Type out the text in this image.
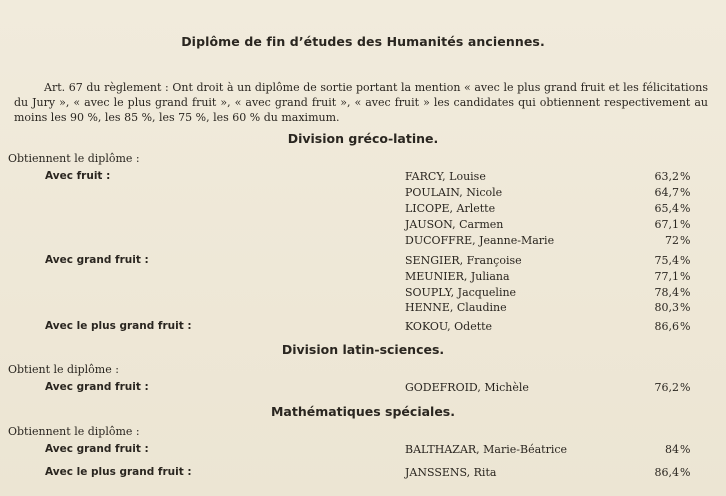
Diplôme de fin d’études des Humanités anciennes.
Art. 67 du règlement : Ont droit à un diplôme de sortie portant la mention « avec le plus grand fruit et les félicitations du Jury », « avec le plus grand fruit », « avec grand fruit », « avec fruit » les candidates qui obtiennent respectivement au moins les 90 %, les 85 %, les 75 %, les 60 % du maximum.
Division gréco-latine.
Obtiennent le diplôme :
Avec fruit :	FARCY, Louise	63,2 %
POULAIN, Nicole	64,7 %
LICOPE, Arlette	65,4 %
JAUSON, Carmen	67,1 %
DUCOFFRE, Jeanne-Marie	72 %
Avec grand fruit :	SENGIER, Françoise	75,4 %
MEUNIER, Juliana	77,1 %
SOUPLY, Jacqueline	78,4 %
HENNE, Claudine	80,3 %
Avec le plus grand fruit :	KOKOU, Odette	86,6 %
Division latin-sciences.
Obtient le diplôme :
Avec grand fruit :	GODEFROID, Michèle	76,2 %
Mathématiques spéciales.
Obtiennent le diplôme :
Avec grand fruit :	BALTHAZAR, Marie-Béatrice	84 %
Avec le plus grand fruit :	JANSSENS, Rita	86,4 %
